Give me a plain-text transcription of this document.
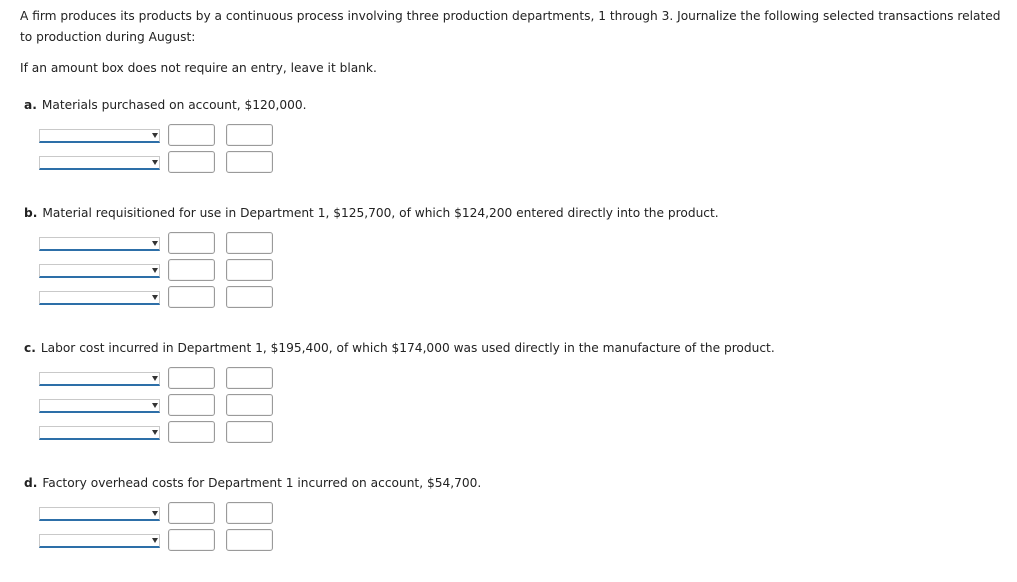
A firm produces its products by a continuous process involving three production departments, 1 through 3. Journalize the following selected transactions related to production during August:

If an amount box does not require an entry, leave it blank.

a. Materials purchased on account, $120,000.

b. Material requisitioned for use in Department 1, $125,700, of which $124,200 entered directly into the product.

c. Labor cost incurred in Department 1, $195,400, of which $174,000 was used directly in the manufacture of the product.

d. Factory overhead costs for Department 1 incurred on account, $54,700.
